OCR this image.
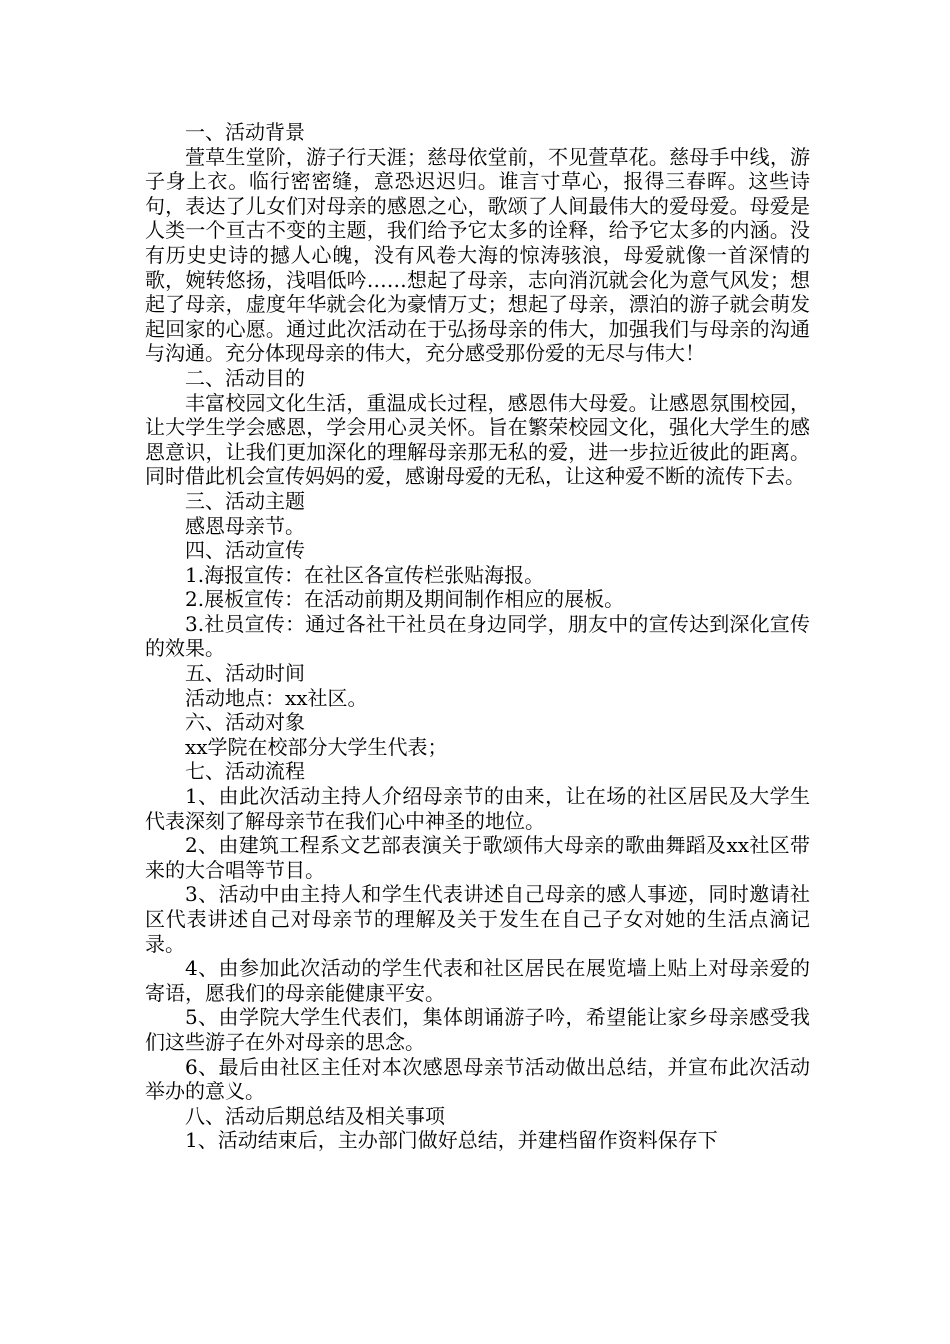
一、活动背景

萱草生堂阶，游子行天涯；慈母依堂前，不见萱草花。慈母手中线，游子身上衣。临行密密缝，意恐迟迟归。谁言寸草心，报得三春晖。这些诗句，表达了儿女们对母亲的感恩之心，歌颂了人间最伟大的爱母爱。母爱是人类一个亘古不变的主题，我们给予它太多的诠释，给予它太多的内涵。没有历史史诗的撼人心魄，没有风卷大海的惊涛骇浪，母爱就像一首深情的歌，婉转悠扬，浅唱低吟……想起了母亲，志向消沉就会化为意气风发；想起了母亲，虚度年华就会化为豪情万丈；想起了母亲，漂泊的游子就会萌发起回家的心愿。通过此次活动在于弘扬母亲的伟大，加强我们与母亲的沟通与沟通。充分体现母亲的伟大，充分感受那份爱的无尽与伟大！

二、活动目的

丰富校园文化生活，重温成长过程，感恩伟大母爱。让感恩氛围校园，让大学生学会感恩，学会用心灵关怀。旨在繁荣校园文化，强化大学生的感恩意识，让我们更加深化的理解母亲那无私的爱，进一步拉近彼此的距离。同时借此机会宣传妈妈的爱，感谢母爱的无私，让这种爱不断的流传下去。

三、活动主题

感恩母亲节。

四、活动宣传

1.海报宣传：在社区各宣传栏张贴海报。

2.展板宣传：在活动前期及期间制作相应的展板。

3.社员宣传：通过各社干社员在身边同学，朋友中的宣传达到深化宣传的效果。

五、活动时间

活动地点：xx社区。

六、活动对象

xx学院在校部分大学生代表；

七、活动流程

1、由此次活动主持人介绍母亲节的由来，让在场的社区居民及大学生代表深刻了解母亲节在我们心中神圣的地位。

2、由建筑工程系文艺部表演关于歌颂伟大母亲的歌曲舞蹈及xx社区带来的大合唱等节目。

3、活动中由主持人和学生代表讲述自己母亲的感人事迹，同时邀请社区代表讲述自己对母亲节的理解及关于发生在自己子女对她的生活点滴记录。

4、由参加此次活动的学生代表和社区居民在展览墙上贴上对母亲爱的寄语，愿我们的母亲能健康平安。

5、由学院大学生代表们，集体朗诵游子吟，希望能让家乡母亲感受我们这些游子在外对母亲的思念。

6、最后由社区主任对本次感恩母亲节活动做出总结，并宣布此次活动举办的意义。

八、活动后期总结及相关事项

1、活动结束后，主办部门做好总结，并建档留作资料保存下
